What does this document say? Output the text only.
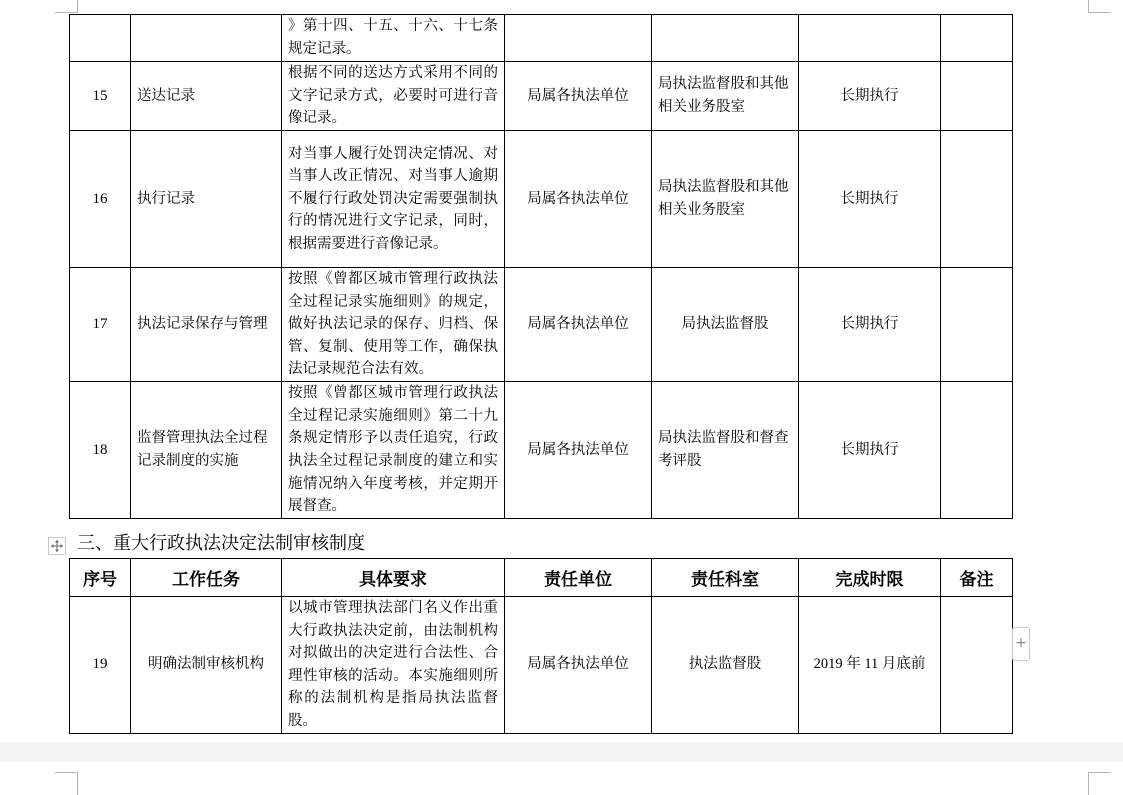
		》第十四、十五、十六、十七条规定记录。				
15	送达记录	根据不同的送达方式采用不同的文字记录方式，必要时可进行音像记录。	局属各执法单位	局执法监督股和其他相关业务股室	长期执行	
16	执行记录	对当事人履行处罚决定情况、对当事人改正情况、对当事人逾期不履行行政处罚决定需要强制执行的情况进行文字记录，同时，根据需要进行音像记录。	局属各执法单位	局执法监督股和其他相关业务股室	长期执行	
17	执法记录保存与管理	按照《曾都区城市管理行政执法全过程记录实施细则》的规定，做好执法记录的保存、归档、保管、复制、使用等工作，确保执法记录规范合法有效。	局属各执法单位	局执法监督股	长期执行	
18	监督管理执法全过程记录制度的实施	按照《曾都区城市管理行政执法全过程记录实施细则》第二十九条规定情形予以责任追究，行政执法全过程记录制度的建立和实施情况纳入年度考核，并定期开展督查。	局属各执法单位	局执法监督股和督查考评股	长期执行	
三、重大行政执法决定法制审核制度
序号	工作任务	具体要求	责任单位	责任科室	完成时限	备注
19	明确法制审核机构	以城市管理执法部门名义作出重大行政执法决定前，由法制机构对拟做出的决定进行合法性、合理性审核的活动。本实施细则所称的法制机构是指局执法监督股。	局属各执法单位	执法监督股	2019 年 11 月底前	
+
